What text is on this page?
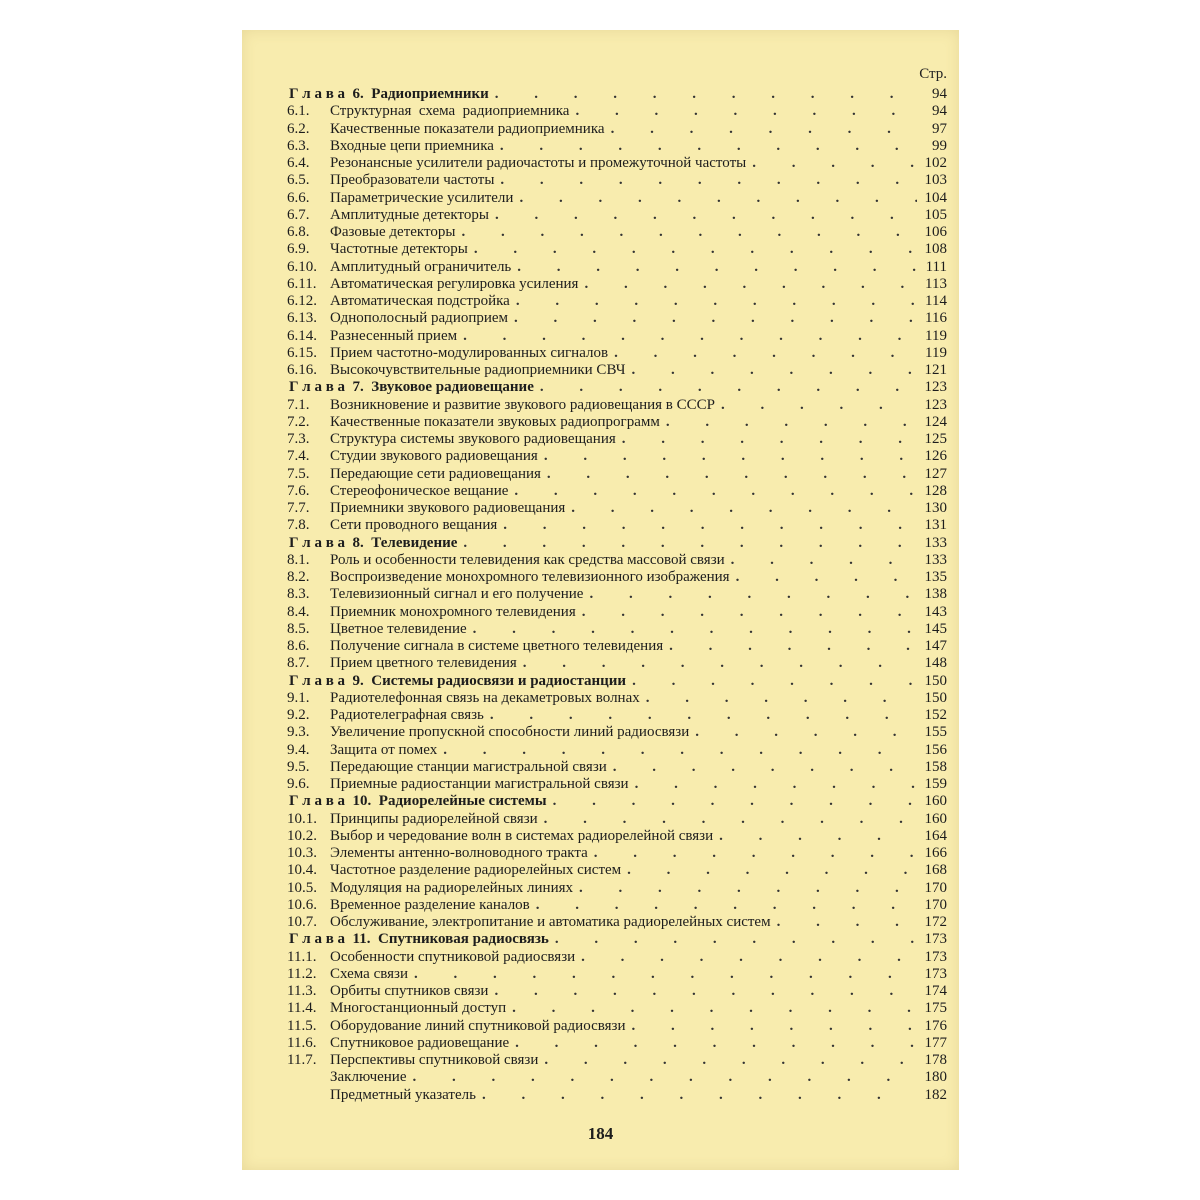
Стр.
Г л а в а  6.  Радиоприемники . . .	94
6.1. Структурная  схема  радиоприемника . . .	94
6.2. Качественные показатели радиоприемника . . .	97
6.3. Входные цепи приемника . . .	99
6.4. Резонансные усилители радиочастоты и промежуточной частоты . . .	102
6.5. Преобразователи частоты . . .	103
6.6. Параметрические усилители . . .	104
6.7. Амплитудные детекторы . . .	105
6.8. Фазовые детекторы . . .	106
6.9. Частотные детекторы . . .	108
6.10. Амплитудный ограничитель . . .	111
6.11. Автоматическая регулировка усиления . . .	113
6.12. Автоматическая подстройка . . .	114
6.13. Однополосный радиоприем . . .	116
6.14. Разнесенный прием . . .	119
6.15. Прием частотно-модулированных сигналов . . .	119
6.16. Высокочувствительные радиоприемники СВЧ . . .	121
Г л а в а  7.  Звуковое радиовещание . . .	123
7.1. Возникновение и развитие звукового радиовещания в СССР . . .	123
7.2. Качественные показатели звуковых радиопрограмм . . .	124
7.3. Структура системы звукового радиовещания . . .	125
7.4. Студии звукового радиовещания . . .	126
7.5. Передающие сети радиовещания . . .	127
7.6. Стереофоническое вещание . . .	128
7.7. Приемники звукового радиовещания . . .	130
7.8. Сети проводного вещания . . .	131
Г л а в а  8.  Телевидение . . .	133
8.1. Роль и особенности телевидения как средства массовой связи . . .	133
8.2. Воспроизведение монохромного телевизионного изображения . . .	135
8.3. Телевизионный сигнал и его получение . . .	138
8.4. Приемник монохромного телевидения . . .	143
8.5. Цветное телевидение . . .	145
8.6. Получение сигнала в системе цветного телевидения . . .	147
8.7. Прием цветного телевидения . . .	148
Г л а в а  9.  Системы радиосвязи и радиостанции . . .	150
9.1. Радиотелефонная связь на декаметровых волнах . . .	150
9.2. Радиотелеграфная связь . . .	152
9.3. Увеличение пропускной способности линий радиосвязи . . .	155
9.4. Защита от помех . . .	156
9.5. Передающие станции магистральной связи . . .	158
9.6. Приемные радиостанции магистральной связи . . .	159
Г л а в а  10.  Радиорелейные системы . . .	160
10.1. Принципы радиорелейной связи . . .	160
10.2. Выбор и чередование волн в системах радиорелейной связи . . .	164
10.3. Элементы антенно-волноводного тракта . . .	166
10.4. Частотное разделение радиорелейных систем . . .	168
10.5. Модуляция на радиорелейных линиях . . .	170
10.6. Временное разделение каналов . . .	170
10.7. Обслуживание, электропитание и автоматика радиорелейных систем . . .	172
Г л а в а  11.  Спутниковая радиосвязь . . .	173
11.1. Особенности спутниковой радиосвязи . . .	173
11.2. Схема связи . . .	173
11.3. Орбиты спутников связи . . .	174
11.4. Многостанционный доступ . . .	175
11.5. Оборудование линий спутниковой радиосвязи . . .	176
11.6. Спутниковое радиовещание . . .	177
11.7. Перспективы спутниковой связи . . .	178
Заключение . . .	180
Предметный указатель . . .	182
184
